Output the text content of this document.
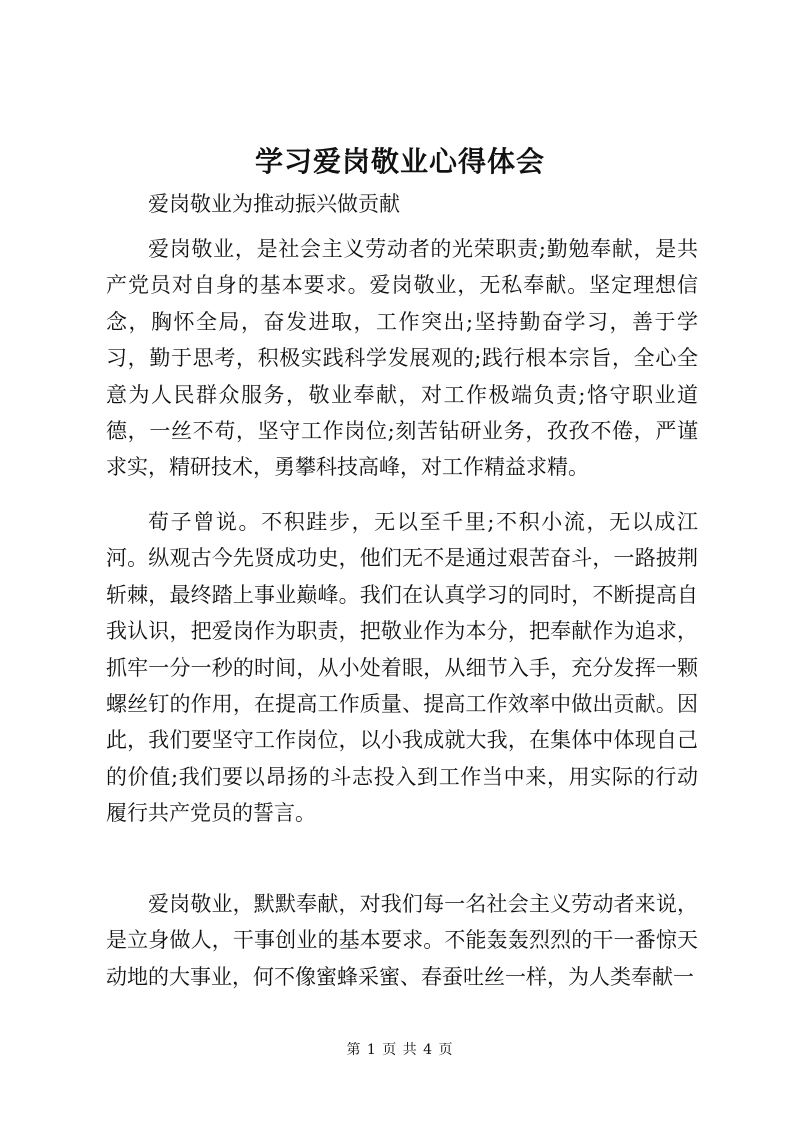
学习爱岗敬业心得体会
爱岗敬业为推动振兴做贡献
爱岗敬业，是社会主义劳动者的光荣职责;勤勉奉献，是共产党员对自身的基本要求。爱岗敬业，无私奉献。坚定理想信念，胸怀全局，奋发进取，工作突出;坚持勤奋学习，善于学习，勤于思考，积极实践科学发展观的;践行根本宗旨，全心全意为人民群众服务，敬业奉献，对工作极端负责;恪守职业道德，一丝不苟，坚守工作岗位;刻苦钻研业务，孜孜不倦，严谨求实，精研技术，勇攀科技高峰，对工作精益求精。
荀子曾说。不积跬步，无以至千里;不积小流，无以成江河。纵观古今先贤成功史，他们无不是通过艰苦奋斗，一路披荆斩棘，最终踏上事业巅峰。我们在认真学习的同时，不断提高自我认识，把爱岗作为职责，把敬业作为本分，把奉献作为追求，抓牢一分一秒的时间，从小处着眼，从细节入手，充分发挥一颗螺丝钉的作用，在提高工作质量、提高工作效率中做出贡献。因此，我们要坚守工作岗位，以小我成就大我，在集体中体现自己的价值;我们要以昂扬的斗志投入到工作当中来，用实际的行动履行共产党员的誓言。
爱岗敬业，默默奉献，对我们每一名社会主义劳动者来说，是立身做人，干事创业的基本要求。不能轰轰烈烈的干一番惊天动地的大事业，何不像蜜蜂采蜜、春蚕吐丝一样，为人类奉献一
第 1 页 共 4 页
